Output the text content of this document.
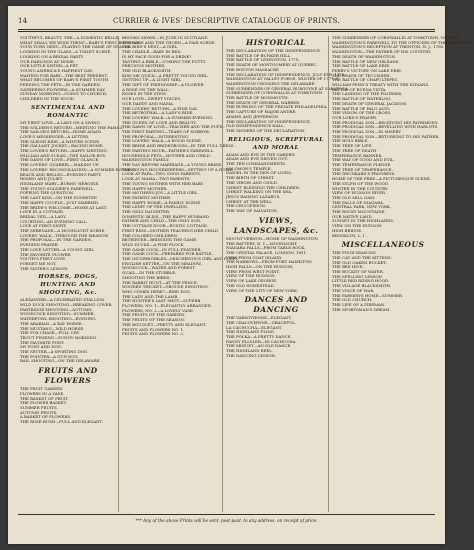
14	CURRIER & IVES' DESCRIPTIVE CATALOGUE OF PRINTS.
YOUTHFUL BEAUTY, THE—A DOMESTIC BELLE.
WHAT SHALL WE WISH THEM?—BABY'S FIRST BIRTHDAY.
YOUR TURN NEXT—PLAYING THE GAME OF GRACES.
LOOKING IN THE GLASS—A TOILET SCENE.
LOOKING ON A BRIDAL PARTY.
OUR DARLINGS AT HOME.
OUR LITTLE SISTER—A PET.
YOUNG AMERICA'S HAPPIEST DAY.
WAITING FOR BABY—THE BEST PRESENT.
WHAT BECOMES OF BABY'S FIRST TOOTH.
FEEDING THE PETS—IN THE GARDEN.
GATHERING FLOWERS—A SUMMER DAY.
SUNDAY MORNING—GOING TO CHURCH.
CHILDREN IN THE WOOD.
SENTIMENTAL AND ROMANTIC
MY FIRST LOVE—A LADY ON A SWING.
THE SOLDIER'S RETURN—MEETING THE FAMILY.
THE SAILOR'S RETURN—HOME AGAIN.
LOVE'S MESSENGER—A LETTER.
THE SLEIGH RIDE—A WINTER SCENE.
THE GALLANT JOCKEY—RACING HOME.
THE LOVER'S RETURN—HAPPY MEETING.
WILLIAM AND SUSAN—THE SAILOR BOY.
THE DAWN OF LOVE—FIRST GLANCE.
THE LOVERS' QUARREL—MAKING UP.
THE LOVERS' RECONCILIATION—A SUMMER EVENING.
BEAUX AND BELLES—EVENING PARTY.
ROMEO AND JULIET.
HIGHLAND MARY—BURNS' HEROINE.
THE YOUNG SOLDIER'S FAREWELL.
POPPING THE QUESTION.
THE LAST KISS—ON THE DOORSTEP.
THE HAPPY COUPLE—JUST MARRIED.
THE BRIDE'S WELCOME—HOME AT LAST.
LOVE IN A COTTAGE.
BRIDAL VEIL—A LADY.
COURTING—AN EVENING CALL.
LOVE AT FIRST SIGHT.
THE SERENADE—A MOONLIGHT SCENE.
LOVERS' WALK—THROUGH THE MEADOW.
THE PROPOSAL—IN THE GARDEN.
EVENING PRAYER.
THE LOVE LETTER—A YOUNG GIRL.
THE FAVORITE FLOWER.
YOUTH'S FIRST LOVE.
FORGET ME NOT.
THE SISTER'S LESSON.
HORSES, DOGS, HUNTING AND SHOOTING, &c.
ALEXANDER—A CELEBRATED STALLION.
WILD DUCK SHOOTING—BREAKING COVER.
PARTRIDGE SHOOTING—AUTUMN.
WOODCOCK SHOOTING—SUMMER.
WATERFOWL SHOOTING—EVENING.
THE ARABIAN—A BAY HORSE.
THE MUSTANG—WILD HORSE.
THE FOX CHASE—FULL CRY.
TROUT FISHING—SUNNY MORNING.
THE FAVORITE PONY.
MY PONY AND DOG.
THE SETTER—A SPORTING DOG.
THE POINTER—A GUN DOG.
RAIL SHOOTING—ON THE DELAWARE.
FRUITS AND FLOWERS
THE FRUIT GARDEN.
FLOWERS IN A VASE.
THE BASKET OF FRUIT.
THE FLOWER BASKET.
SUMMER FRUITS.
AUTUMN FRUITS.
A BASKET OF FLOWERS.
THE ROSE BUSH—FULL AND ELEGANT.
BROOKS MOWN—IN JUNE IN SCOTLAND.
THE ROSE AND THE THORN—A FAIR SCENE.
THE BIRD'S NEST—A GIRL.
THE CRADLE—BABY IN BED.
IS MY FACE GOOD FOR A DRINK?
TASTING A BIBLE—COMING THE PUTTY.
PRECIOUS MOTHER.
THE OLD BLACKSMITH.
KISS ME QUICK—A PRETTY YOUNG GIRL.
GETTING UP—A LIGHT GIRL.
THE GIFT OF FRIENDSHIP—A FLOWER.
A ROSE ON THE WALL.
ROSES IN THE STEM.
OUR LOVE—SWEET VOICES.
OUR DADDY AND MAMA.
THE LOVERS' RETURN—A FINE DAY.
THE BETROTHAL—A LADY'S RIDE.
THE LOVERS' WALK—A SUMMER EVENING.
THE QUEEN OF LOVE AND BEAUTY.
THE DAWN OF LOVE—TEACHER AND THE PUPIL.
THE FIRST PARTING—TEARS OF SORROW.
THE PROPOSAL—INTERESTING.
THE LOVERS' WALK—A WOOD SCENE.
THE BRIDE AND BRIDEGROOM—IN THE FULL DRESS.
THE PARTING HOUR—FATHER'S FAREWELL.
HOUSEHOLD PETS—MOTHER AND CHILD.
WASHINGTON FAMILY.
THE DAY BEFORE MARRIAGE—A YOUNG BRIDE.
THE YOUNG HOUSEKEEPERS—SETTING UP A HOME.
LOOK AT PAPA—TWO GOOD PARENTS.
LOOK AT MAMA—TWO PARENTS.
THE YOUNG MOTHER WITH HER BABY.
THE HAPPY MOTHER.
THE MOTHER'S JOY—A LITTLE GIRL.
THE PATIENT MOTHER.
THE HAPPY HOME—A FAMILY SCENE.
THE LIGHT OF THE DWELLING.
THE ONLY DAUGHTER.
DOMESTIC BLISS—THE HAPPY HUSBAND.
FATHER AND CHILD—THE ONLY SON.
THE COTTAGE DOOR—RUSTIC COTTAGE.
FIRST RIDE—MOTHER TEACHING HER CHILD.
THE COLORED CHILDREN.
RETRIEVER—BRINGING THE GAME.
WILD DUCKS—A FINE FLOCK.
THE GAME COCK—IN FULL FEATHER.
THE GAME COCK—PREPARED FOR BATTLE.
THE INCORRIGIBLES—MISCHIEVOUS GIRL AND PUPPY.
ENGLISH SETTER—ON THE MEADOW.
WOODCOCK—WATER AND FOREST.
QUAIL—IN THE STUBBLE.
SHOOTING THE BIRDS.
THE RABBIT HUNT—AT THE FENCE.
WOODED THICKET—GROUSE SHOOTING.
WHO COMES HERE?—BIRD DOG.
THE LADY AND THE LAMB.
THE HUNTER'S LAST SHOT—SUPERB.
FLOWERS, NO. 1—ELEGANTLY ARRANGED.
FLOWERS, NO. 2—A LOVELY VASE.
THE FRUITS OF THE GARDEN.
THE FRUITS OF THE SEASON.
THE BOUQUET—PRETTY AND ELEGANT.
FRUITS AND FLOWERS NO. 1.
FRUITS AND FLOWERS NO. 2.
HISTORICAL
THE DECLARATION OF THE INDEPENDENCE.
THE BATTLE OF BUNKER HILL.
THE BATTLE OF LEXINGTON, 1775.
THE DEATH OF MONTGOMERY AT QUEBEC.
THE BOSTON MASSACRE.
THE DECLARATION OF INDEPENDENCE, JULY 4TH, 1776.
WASHINGTON AT VALLEY FORGE, WINTER OF 1777–8.
WASHINGTON CROSSING THE DELAWARE.
THE SURRENDER OF GENERAL BURGOYNE AT SARATOGA.
SURRENDER OF CORNWALLIS AT YORKTOWN.
THE BATTLE OF MONMOUTH.
THE DEATH OF GENERAL WARREN.
THE BURNING OF THE FRIGATE PHILADELPHIA.
THE CAPTURE OF MAJOR ANDRE.
ADAMS AND JEFFERSON.
THE DECLARATION OF INDEPENDENCE.
OLD INDEPENDENCE HALL.
THE SIGNERS OF THE DECLARATION.
RELIGIOUS, SCRIPTURAL AND MORAL
ADAM AND EVE IN THE GARDEN.
ADAM AND EVE DRIVEN OUT.
THE TEN COMMANDMENTS.
SOLOMON'S TEMPLE.
DANIEL IN THE DEN OF LIONS.
THE BIRTH OF CHRIST.
THE VIRGIN AND CHILD.
CHRIST BLESSING THE CHILDREN.
CHRIST WALKING ON THE SEA.
JESUS RAISING LAZARUS.
CHRIST AT THE WELL.
THE CRUCIFIXION.
THE WAY OF SALVATION.
VIEWS, LANDSCAPES, &c.
MOUNT VERNON—HOME OF WASHINGTON.
THE BATTERY, N. Y.—MOONLIGHT.
NIAGARA FALLS—FROM TABLE ROCK.
THE CRYSTAL PALACE, LONDON, 1851.
VIEW FROM GOAT ISLAND.
THE NARROWS—FROM FORT HAMILTON.
HIGH FALLS—ON THE HUDSON.
VIEW FROM WEST POINT.
VIEW OF THE HUDSON.
VIEW OF LAKE GEORGE.
THE OLD HOMESTEAD.
VIEW OF THE CITY OF NEW YORK.
DANCES AND DANCING
THE VARSOVIENNE—ELEGANT.
THE CRACOVIENNE—GRACEFUL.
LA CACHUCHA—ELEGANT.
THE HIGHLAND FLING.
THE POLKA—A PRETTY DANCE.
FANNY ELLSLER—IN CACHUCHA.
THE MINUET—AN OLD DANCE.
THE HIGHLAND REEL.
THE DANCING LESSON.
THE SURRENDER OF CORNWALLIS AT YORKTOWN, VA., 1781.
WASHINGTON'S FAREWELL TO THE OFFICERS OF THE ARMY, 1783.
WASHINGTON'S RECEPTION AT TRENTON, N. J., 1789.
WASHINGTON—THE FATHER OF HIS COUNTRY.
THE DEATH OF WASHINGTON.
THE BATTLE OF NEW ORLEANS.
THE BATTLE OF LAKE ERIE.
PERRY'S VICTORY ON LAKE ERIE.
THE DEATH OF TECUMSEH.
THE BATTLE OF CHAPULTEPEC.
WILLIAM PENN'S TREATY WITH THE INDIANS.
BATTLE OF BUENA VISTA.
THE LANDING OF THE PILGRIMS.
THE BATTLE OF WATERLOO.
THE DEATH OF GENERAL JACKSON.
THE BATTLE OF PALO ALTO.
THE VISION OF THE CROSS.
OUR LORD'S PRAYER.
THE PRODIGAL SON—RECEIVING HIS PATRIMONY.
THE PRODIGAL SON—REVELLING WITH HARLOTS.
THE PRODIGAL SON—IN MISERY.
THE PRODIGAL SON—RETURNING TO HIS FATHER.
THE HOLY BIBLE.
THE TREE OF LIFE.
THE TREE OF DEATH.
TEMPERANCE BANNER.
THE WAY OF GOOD AND EVIL.
THE TEMPERANCE PLEDGE.
THE TREE OF TEMPERANCE.
THE DRUNKARD'S PROGRESS.
HOME OF THE FREE—A PICTURESQUE SCENE.
THE SYLPH OF THE WOOD.
WINTER IN THE COUNTRY.
VIEW OF HUDSON RIVER.
THE OLD MILL DAM.
THE FALLS OF NIAGARA.
CENTRAL PARK, NEW YORK.
THE ROCKY MOUNTAINS.
OUR NATIVE LAND.
SUNSET IN THE HIGHLANDS.
VIEW ON THE HUDSON.
HIGH BRIDGE.
BROOKLYN, L. I.
MISCELLANEOUS
THE FOUR SEASONS.
THE CAT AND THE KITTENS.
THE OLD OAKEN BUCKET.
THE BEE HIVE.
THE BUCKET OF WATER.
THE SPELLING LESSON.
LITTLE RED RIDING HOOD.
THE VILLAGE BLACKSMITH.
THE VOICE OF WAR.
THE FARMER'S HOME—SUMMER.
THE OLD CHURCH.
THE LIFE OF A FIREMAN.
THE SPORTSMAN'S DREAM.
*** Any of the above Prints will be sent, post-paid, to any address, on receipt of price.
